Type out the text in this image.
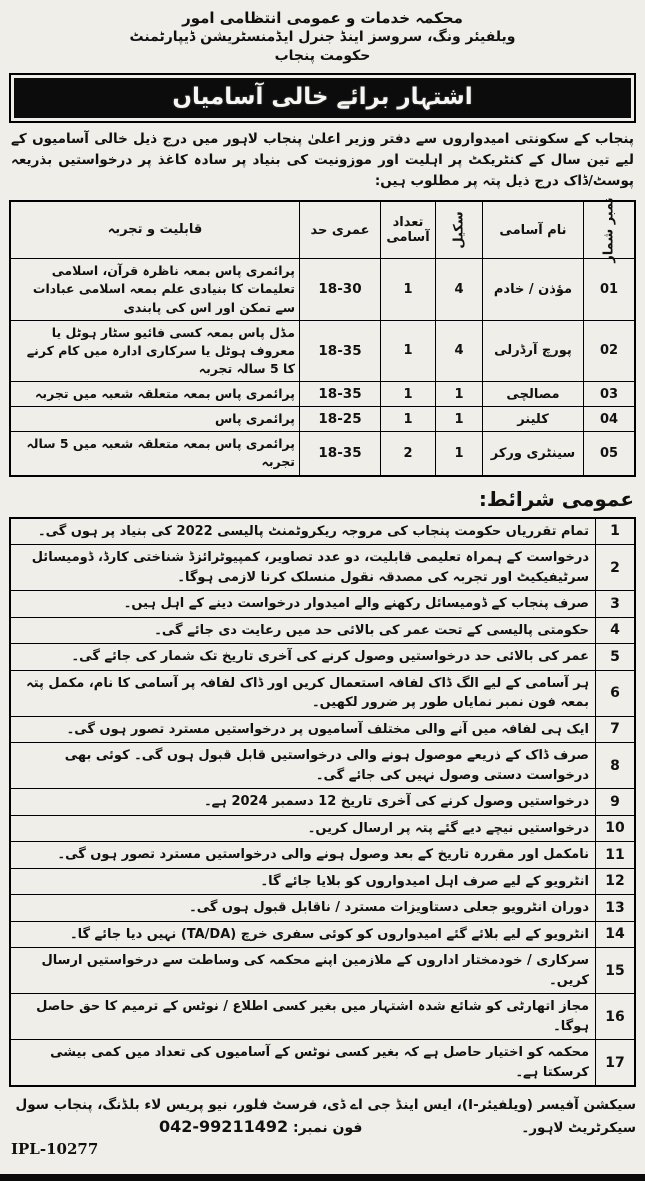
محکمہ خدمات و عمومی انتظامی امور
ویلفیئر ونگ، سروسز اینڈ جنرل ایڈمنسٹریشن ڈیپارٹمنٹ
حکومت پنجاب
اشتہار برائے خالی آسامیاں

پنجاب کے سکونتی امیدواروں سے دفتر وزیر اعلیٰ پنجاب لاہور میں درج ذیل خالی آسامیوں کے لیے تین سال کے کنٹریکٹ پر اہلیت اور موزونیت کی بنیاد پر سادہ کاغذ پر درخواستیں بذریعہ پوسٹ/ڈاک درج ذیل پتہ پر مطلوب ہیں:

نمبر شمار	نام آسامی	سکیل	تعداد آسامی	عمری حد	قابلیت و تجربہ
01	مؤذن / خادم	4	1	18-30	پرائمری پاس بمعہ ناظرہ قرآن، اسلامی تعلیمات کا بنیادی علم بمعہ اسلامی عبادات سے تمکن اور اس کی پابندی
02	پورچ آرڈرلی	4	1	18-35	مڈل پاس بمعہ کسی فائیو سٹار ہوٹل یا معروف ہوٹل یا سرکاری ادارہ میں کام کرنے کا 5 سالہ تجربہ
03	مصالچی	1	1	18-35	پرائمری پاس بمعہ متعلقہ شعبہ میں تجربہ
04	کلینر	1	1	18-25	پرائمری پاس
05	سینٹری ورکر	1	2	18-35	پرائمری پاس بمعہ متعلقہ شعبہ میں 5 سالہ تجربہ
عمومی شرائط:
1	تمام تقرریاں حکومت پنجاب کی مروجہ ریکروٹمنٹ پالیسی 2022 کی بنیاد پر ہوں گی۔
2	درخواست کے ہمراہ تعلیمی قابلیت، دو عدد تصاویر، کمپیوٹرائزڈ شناختی کارڈ، ڈومیسائل سرٹیفیکیٹ اور تجربہ کی مصدقہ نقول منسلک کرنا لازمی ہوگا۔
3	صرف پنجاب کے ڈومیسائل رکھنے والے امیدوار درخواست دینے کے اہل ہیں۔
4	حکومتی پالیسی کے تحت عمر کی بالائی حد میں رعایت دی جائے گی۔
5	عمر کی بالائی حد درخواستیں وصول کرنے کی آخری تاریخ تک شمار کی جائے گی۔
6	ہر آسامی کے لیے الگ ڈاک لفافہ استعمال کریں اور ڈاک لفافہ پر آسامی کا نام، مکمل پتہ بمعہ فون نمبر نمایاں طور پر ضرور لکھیں۔
7	ایک ہی لفافہ میں آنے والی مختلف آسامیوں پر درخواستیں مسترد تصور ہوں گی۔
8	صرف ڈاک کے ذریعے موصول ہونے والی درخواستیں قابل قبول ہوں گی۔ کوئی بھی درخواست دستی وصول نہیں کی جائے گی۔
9	درخواستیں وصول کرنے کی آخری تاریخ 12 دسمبر 2024 ہے۔
10	درخواستیں نیچے دیے گئے پتہ پر ارسال کریں۔
11	نامکمل اور مقررہ تاریخ کے بعد وصول ہونے والی درخواستیں مسترد تصور ہوں گی۔
12	انٹرویو کے لیے صرف اہل امیدواروں کو بلایا جائے گا۔
13	دوران انٹرویو جعلی دستاویزات مسترد / ناقابل قبول ہوں گی۔
14	انٹرویو کے لیے بلائے گئے امیدواروں کو کوئی سفری خرچ (TA/DA) نہیں دیا جائے گا۔
15	سرکاری / خودمختار اداروں کے ملازمین اپنے محکمہ کی وساطت سے درخواستیں ارسال کریں۔
16	مجاز اتھارٹی کو شائع شدہ اشتہار میں بغیر کسی اطلاع / نوٹس کے ترمیم کا حق حاصل ہوگا۔
17	محکمہ کو اختیار حاصل ہے کہ بغیر کسی نوٹس کے آسامیوں کی تعداد میں کمی بیشی کرسکتا ہے۔
سیکشن آفیسر (ویلفیئر-I)، ایس اینڈ جی اے ڈی، فرسٹ فلور، نیو پریس لاء بلڈنگ، پنجاب سول
سیکرٹریٹ لاہور۔
فون نمبر: 042-99211492
IPL-10277
